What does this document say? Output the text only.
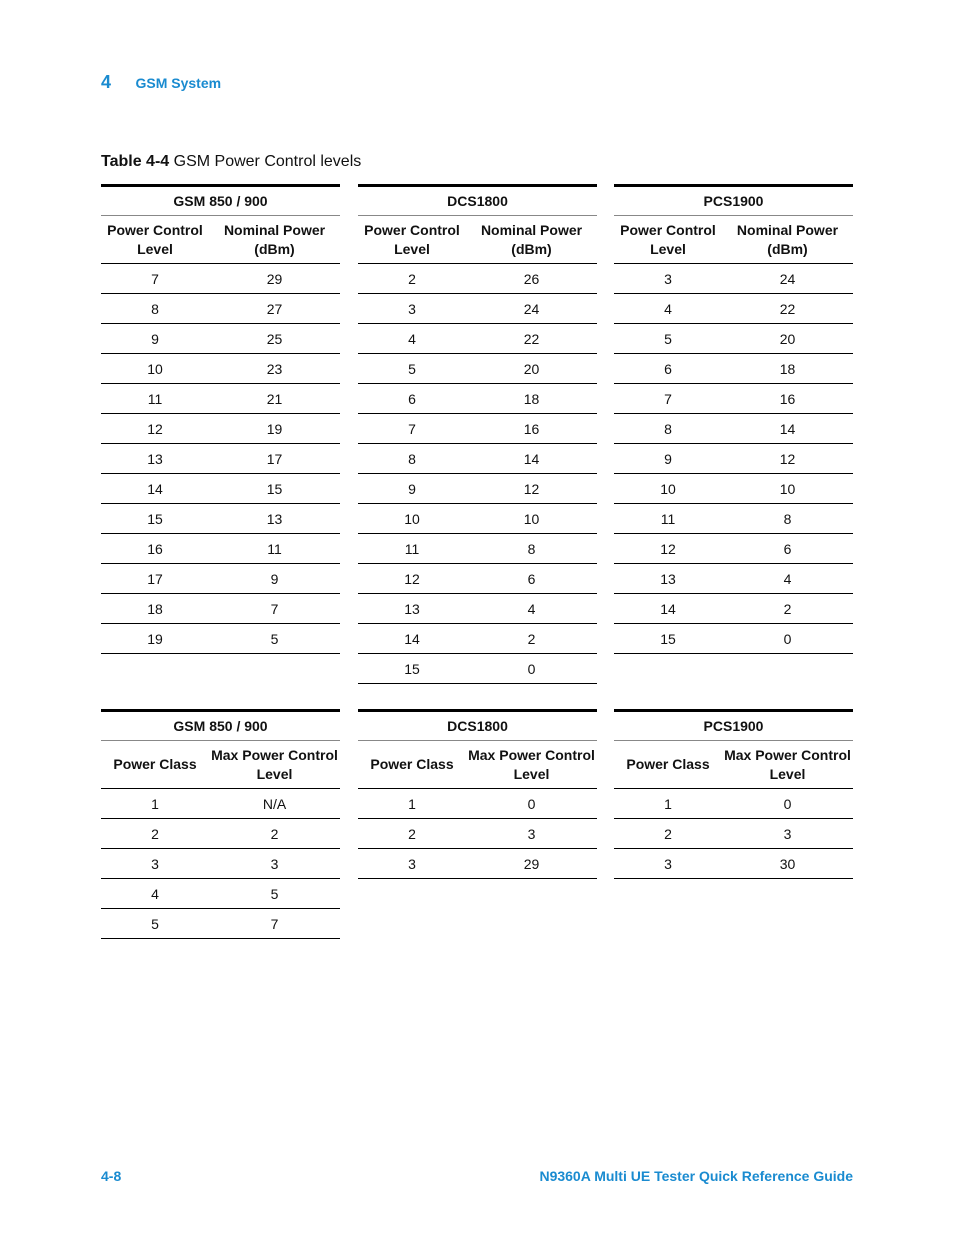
4 GSM System
Table 4-4 GSM Power Control levels
GSM 850 / 900	
Power Control Level	Nominal Power (dBm)
7	29
8	27
9	25
10	23
11	21
12	19
13	17
14	15
15	13
16	11
17	9
18	7
19	5
DCS1800	
Power Control Level	Nominal Power (dBm)
2	26
3	24
4	22
5	20
6	18
7	16
8	14
9	12
10	10
11	8
12	6
13	4
14	2
15	0
PCS1900	
Power Control Level	Nominal Power (dBm)
3	24
4	22
5	20
6	18
7	16
8	14
9	12
10	10
11	8
12	6
13	4
14	2
15	0
GSM 850 / 900	
Power Class	Max Power Control Level
1	N/A
2	2
3	3
4	5
5	7
DCS1800	
Power Class	Max Power Control Level
1	0
2	3
3	29
PCS1900	
Power Class	Max Power Control Level
1	0
2	3
3	30
4-8	N9360A Multi UE Tester Quick Reference Guide
